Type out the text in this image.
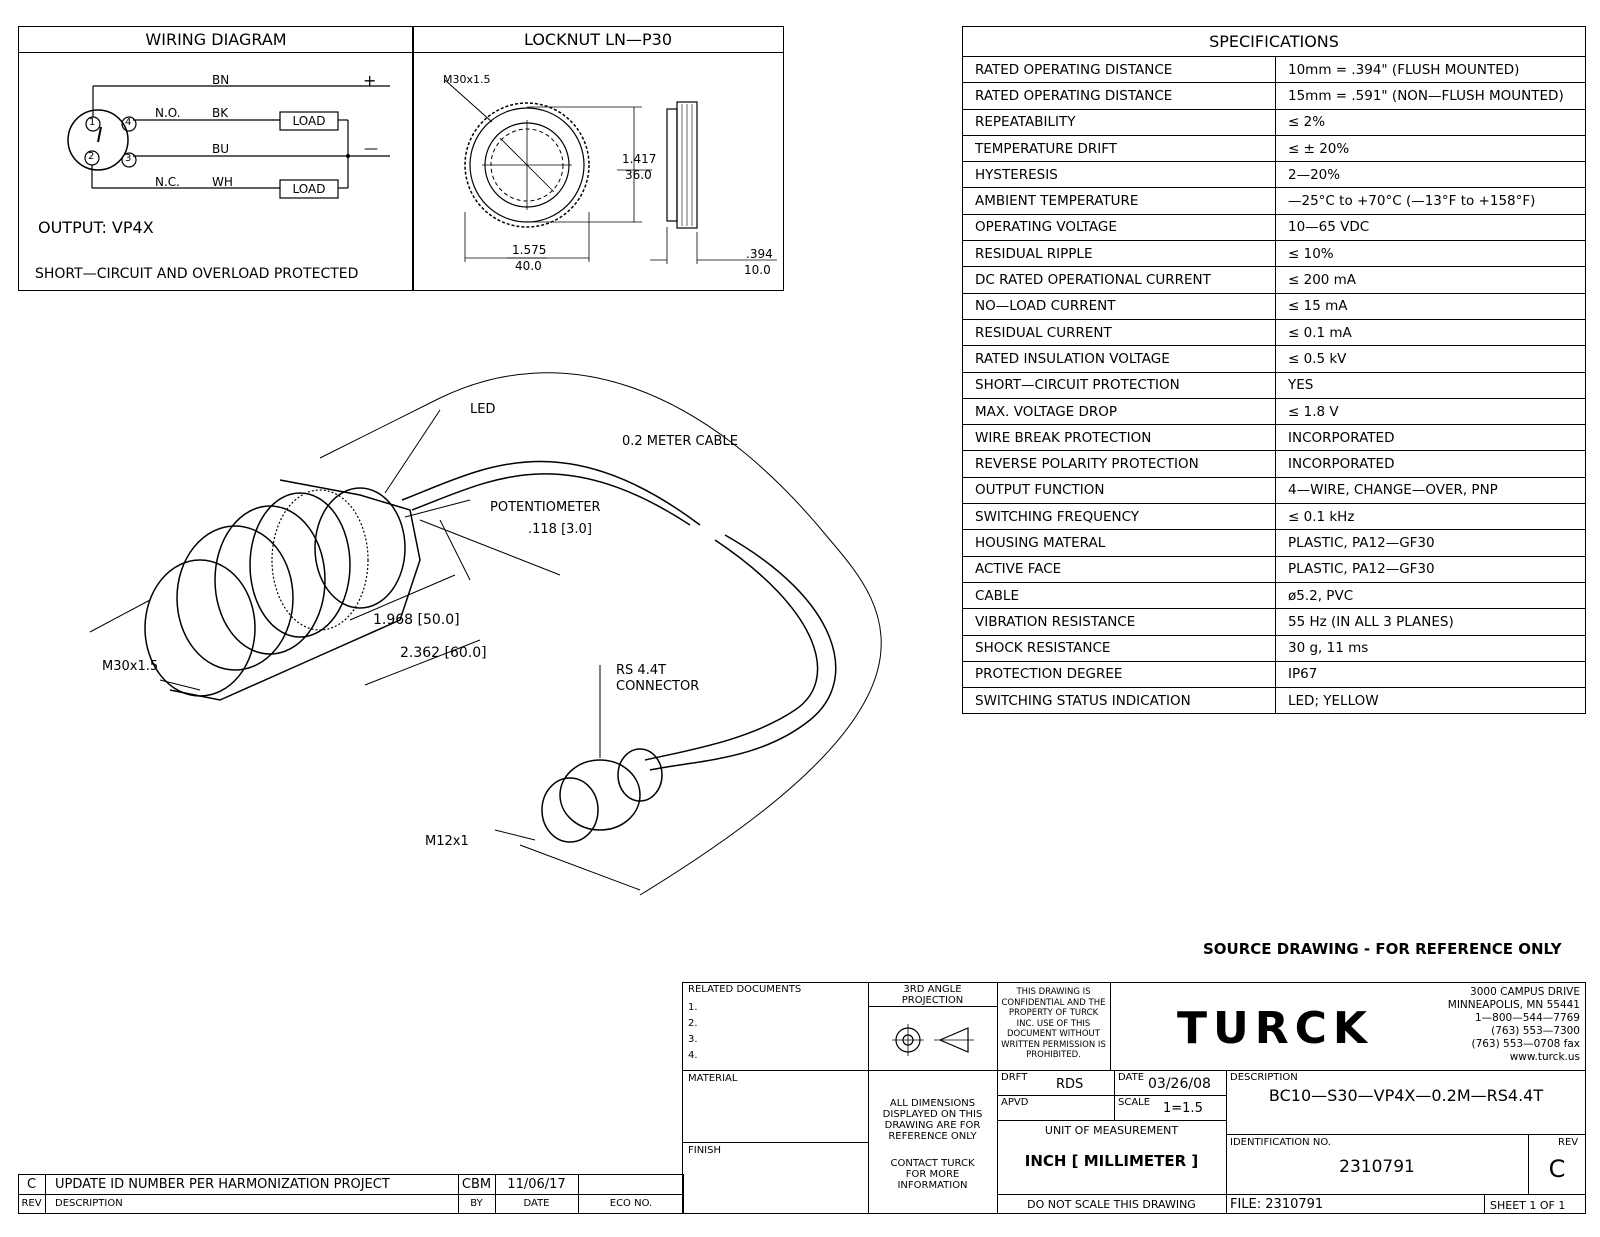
WIRING DIAGRAM
1	4
2	3
BN
BK
BU
WH
N.O.
N.C.
+
—
LOAD
LOAD
OUTPUT: VP4X
SHORT—CIRCUIT AND OVERLOAD PROTECTED
LOCKNUT LN—P30
M30x1.5
1.417
36.0
1.575
40.0
.394
10.0
SPECIFICATIONS	
RATED OPERATING DISTANCE	10mm = .394" (FLUSH MOUNTED)
RATED OPERATING DISTANCE	15mm = .591" (NON—FLUSH MOUNTED)
REPEATABILITY	≤ 2%
TEMPERATURE DRIFT	≤ ± 20%
HYSTERESIS	2—20%
AMBIENT TEMPERATURE	—25°C to +70°C (—13°F to +158°F)
OPERATING VOLTAGE	10—65 VDC
RESIDUAL RIPPLE	≤ 10%
DC RATED OPERATIONAL CURRENT	≤ 200 mA
NO—LOAD CURRENT	≤ 15 mA
RESIDUAL CURRENT	≤ 0.1 mA
RATED INSULATION VOLTAGE	≤ 0.5 kV
SHORT—CIRCUIT PROTECTION	YES
MAX. VOLTAGE DROP	≤ 1.8 V
WIRE BREAK PROTECTION	INCORPORATED
REVERSE POLARITY PROTECTION	INCORPORATED
OUTPUT FUNCTION	4—WIRE, CHANGE—OVER, PNP
SWITCHING FREQUENCY	≤ 0.1 kHz
HOUSING MATERAL	PLASTIC, PA12—GF30
ACTIVE FACE	PLASTIC, PA12—GF30
CABLE	ø5.2, PVC
VIBRATION RESISTANCE	55 Hz (IN ALL 3 PLANES)
SHOCK RESISTANCE	30 g, 11 ms
PROTECTION DEGREE	IP67
SWITCHING STATUS INDICATION	LED; YELLOW
LED
0.2 METER CABLE
POTENTIOMETER
.118 [3.0]
1.968 [50.0]
2.362 [60.0]
M30x1.5	RS 4.4T
CONNECTOR
M12x1
SOURCE DRAWING - FOR REFERENCE ONLY
RELATED DOCUMENTS
1.
2.
3.
4.
MATERIAL
FINISH
3RD ANGLE
PROJECTION
ALL DIMENSIONS
DISPLAYED ON THIS
DRAWING ARE FOR
REFERENCE ONLY
CONTACT TURCK
FOR MORE
INFORMATION
THIS DRAWING IS
CONFIDENTIAL AND THE
PROPERTY OF TURCK
INC. USE OF THIS
DOCUMENT WITHOUT
WRITTEN PERMISSION IS
PROHIBITED.
TURCK
3000 CAMPUS DRIVE
MINNEAPOLIS, MN 55441
1—800—544—7769
(763) 553—7300
(763) 553—0708 fax
www.turck.us
DRFT RDS	DATE 03/26/08
APVD	SCALE 1=1.5
UNIT OF MEASUREMENT
INCH [ MILLIMETER ]
DO NOT SCALE THIS DRAWING
DESCRIPTION
BC10—S30—VP4X—0.2M—RS4.4T
IDENTIFICATION NO.
2310791
REV
C
FILE: 2310791	SHEET 1 OF 1
C	UPDATE ID NUMBER PER HARMONIZATION PROJECT	CBM	11/06/17
REV	DESCRIPTION	BY	DATE	ECO NO.
